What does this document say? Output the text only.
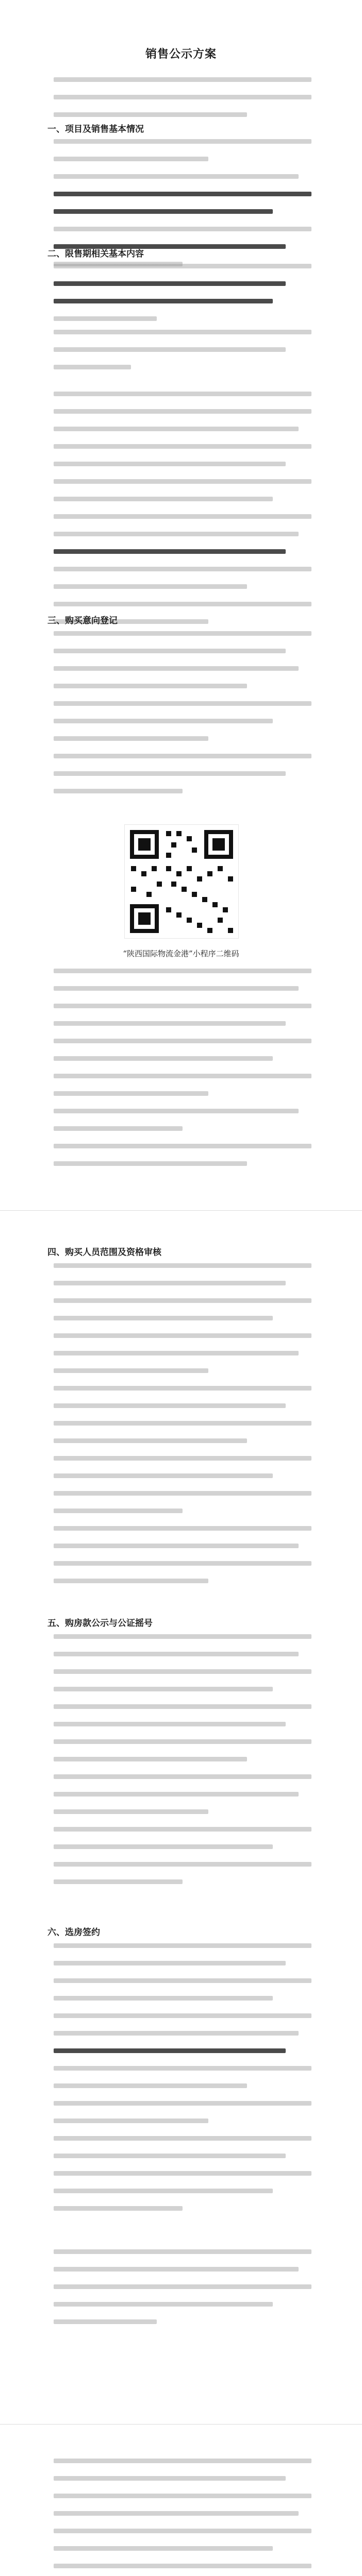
销售公示方案
一、项目及销售基本情况
二、限售期相关基本内容
三、购买意向登记
“陕西国际物流金港”小程序二维码
四、购买人员范围及资格审核
五、购房款公示与公证摇号
六、选房签约
